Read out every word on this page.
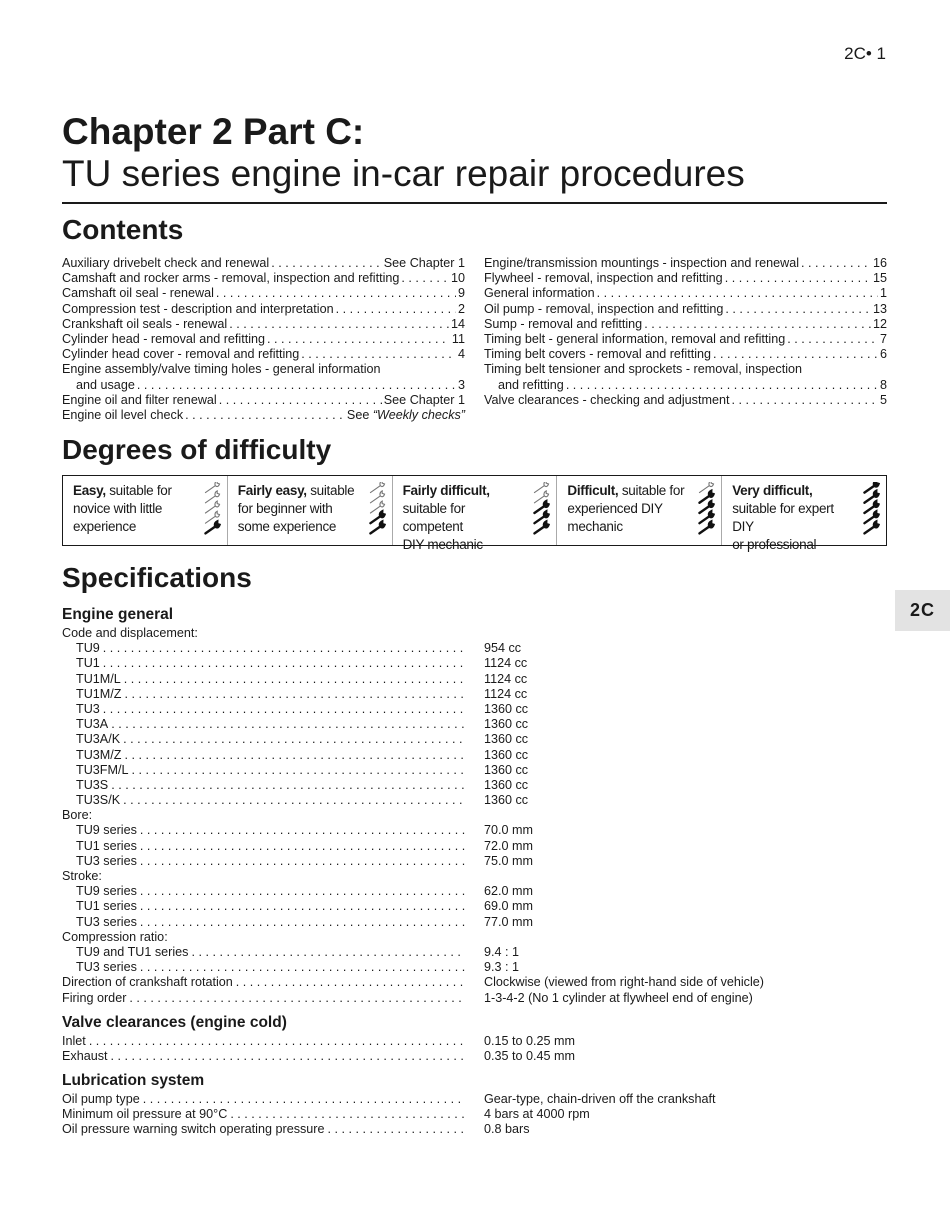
2C• 1
Chapter 2 Part C:
TU series engine in-car repair procedures
Contents
Auxiliary drivebelt check and renewal . . .	See Chapter 1
Camshaft and rocker arms - removal, inspection and refitting . . .	10
Camshaft oil seal - renewal . . .	9
Compression test - description and interpretation . . .	2
Crankshaft oil seals - renewal . . .	14
Cylinder head - removal and refitting . . .	11
Cylinder head cover - removal and refitting . . .	4
Engine assembly/valve timing holes - general information
and usage . . .	3
Engine oil and filter renewal . . .	See Chapter 1
Engine oil level check . . .	See “Weekly checks”
Engine/transmission mountings - inspection and renewal . . .	16
Flywheel - removal, inspection and refitting . . .	15
General information . . .	1
Oil pump - removal, inspection and refitting . . .	13
Sump - removal and refitting . . .	12
Timing belt - general information, removal and refitting . . .	7
Timing belt covers - removal and refitting . . .	6
Timing belt tensioner and sprockets - removal, inspection
and refitting . . .	8
Valve clearances - checking and adjustment . . .	5
Degrees of difficulty
Easy, suitable for
novice with little
experience
Fairly easy, suitable
for beginner with
some experience
Fairly difficult,
suitable for competent
DIY mechanic
Difficult, suitable for
experienced DIY
mechanic
Very difficult,
suitable for expert DIY
or professional
Specifications
2C
Engine general
Code and displacement:
TU9 . . .	954 cc
TU1 . . .	1124 cc
TU1M/L . . .	1124 cc
TU1M/Z . . .	1124 cc
TU3 . . .	1360 cc
TU3A . . .	1360 cc
TU3A/K . . .	1360 cc
TU3M/Z . . .	1360 cc
TU3FM/L . . .	1360 cc
TU3S . . .	1360 cc
TU3S/K . . .	1360 cc
Bore:
TU9 series . . .	70.0 mm
TU1 series . . .	72.0 mm
TU3 series . . .	75.0 mm
Stroke:
TU9 series . . .	62.0 mm
TU1 series . . .	69.0 mm
TU3 series . . .	77.0 mm
Compression ratio:
TU9 and TU1 series . . .	9.4 : 1
TU3 series . . .	9.3 : 1
Direction of crankshaft rotation . . .	Clockwise (viewed from right-hand side of vehicle)
Firing order . . .	1-3-4-2 (No 1 cylinder at flywheel end of engine)
Valve clearances (engine cold)
Inlet . . .	0.15 to 0.25 mm
Exhaust . . .	0.35 to 0.45 mm
Lubrication system
Oil pump type . . .	Gear-type, chain-driven off the crankshaft
Minimum oil pressure at 90°C . . .	4 bars at 4000 rpm
Oil pressure warning switch operating pressure . . .	0.8 bars
